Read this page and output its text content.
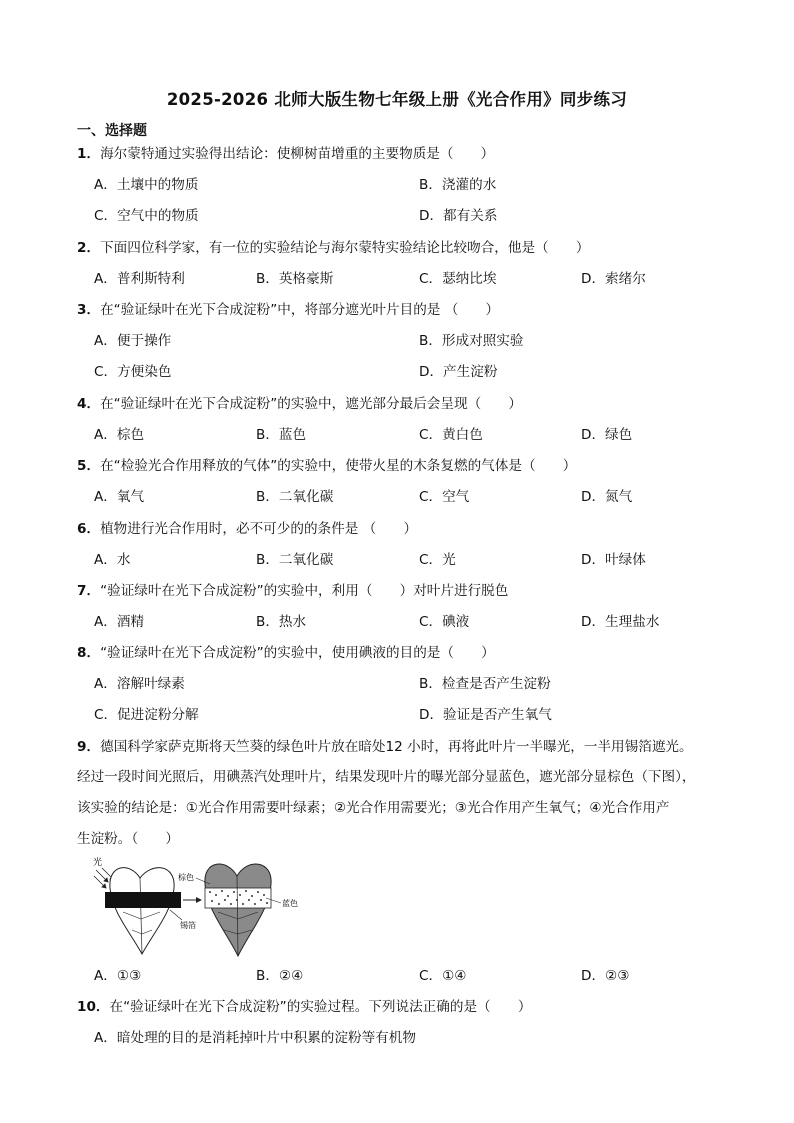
2025-2026 北师大版生物七年级上册《光合作用》同步练习
一、选择题
1．海尔蒙特通过实验得出结论：使柳树苗增重的主要物质是（　　）
A．土壤中的物质	B．浇灌的水
C．空气中的物质	D．都有关系
2．下面四位科学家，有一位的实验结论与海尔蒙特实验结论比较吻合，他是（　　）
A．普利斯特利	B．英格豪斯	C．瑟纳比埃	D．索绪尔
3．在“验证绿叶在光下合成淀粉”中，将部分遮光叶片目的是 （　　）
A．便于操作	B．形成对照实验
C．方便染色	D．产生淀粉
4．在“验证绿叶在光下合成淀粉”的实验中，遮光部分最后会呈现（　　）
A．棕色	B．蓝色	C．黄白色	D．绿色
5．在“检验光合作用释放的气体”的实验中，使带火星的木条复燃的气体是（　　）
A．氧气	B．二氧化碳	C．空气	D．氮气
6．植物进行光合作用时，必不可少的的条件是 （　　）
A．水	B．二氧化碳	C．光	D．叶绿体
7．“验证绿叶在光下合成淀粉”的实验中，利用（　　）对叶片进行脱色
A．酒精	B．热水	C．碘液	D．生理盐水
8．“验证绿叶在光下合成淀粉”的实验中，使用碘液的目的是（　　）
A．溶解叶绿素	B．检查是否产生淀粉
C．促进淀粉分解	D．验证是否产生氧气
9．德国科学家萨克斯将天竺葵的绿色叶片放在暗处12 小时，再将此叶片一半曝光，一半用锡箔遮光。
经过一段时间光照后，用碘蒸汽处理叶片，结果发现叶片的曝光部分显蓝色，遮光部分显棕色（下图），
该实验的结论是：①光合作用需要叶绿素；②光合作用需要光；③光合作用产生氧气；④光合作用产
生淀粉。（　　）
光
锡箔
棕色
蓝色
A．①③	B．②④	C．①④	D．②③
10．在“验证绿叶在光下合成淀粉”的实验过程。下列说法正确的是（　　）
A．暗处理的目的是消耗掉叶片中积累的淀粉等有机物
